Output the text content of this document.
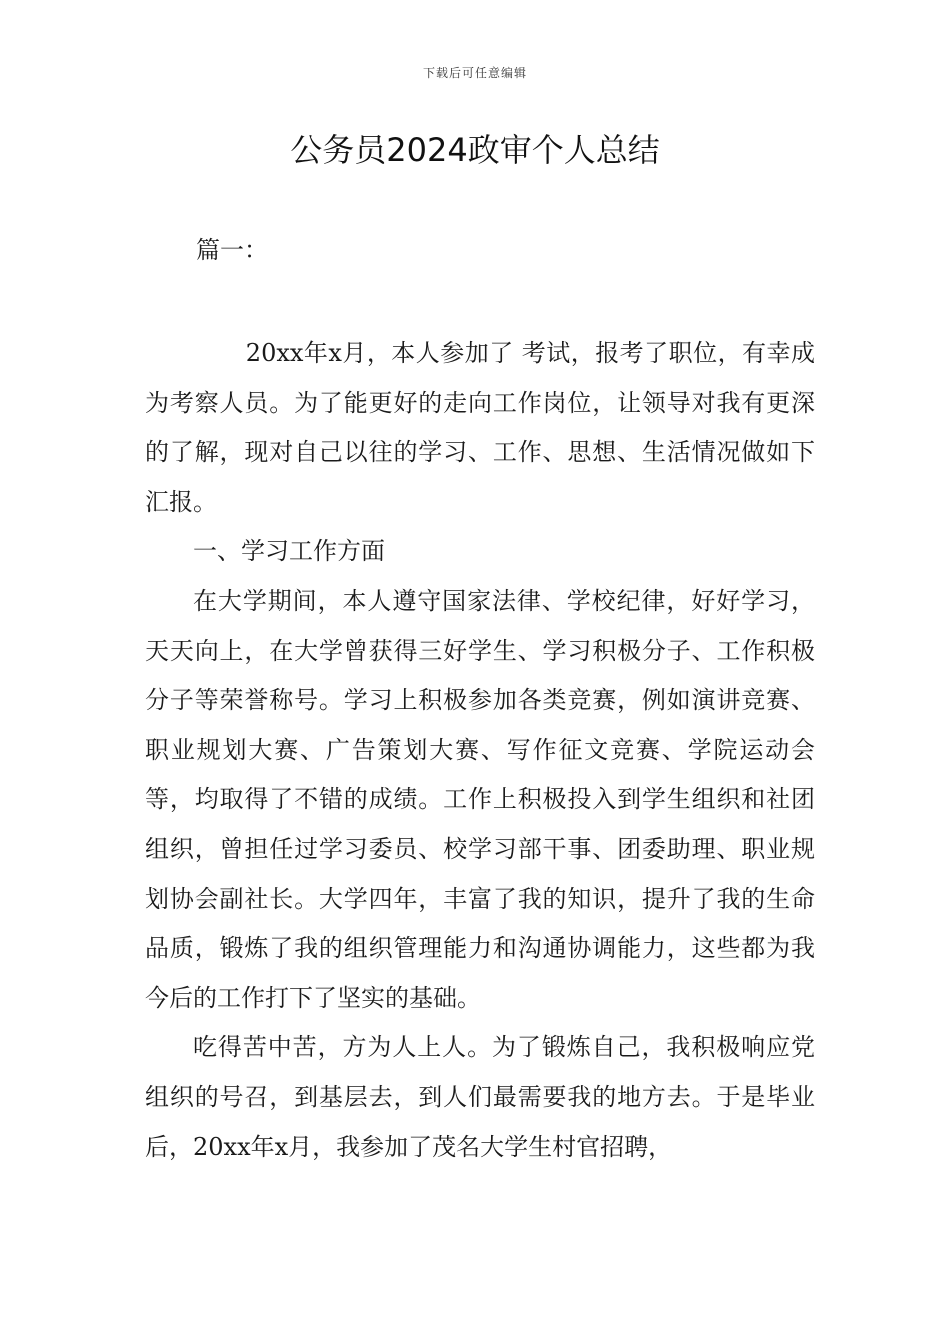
下载后可任意编辑
公务员2024政审个人总结
篇一：

20xx年x月，本人参加了 考试，报考了职位，有幸成为考察人员。为了能更好的走向工作岗位，让领导对我有更深的了解，现对自己以往的学习、工作、思想、生活情况做如下汇报。

一、学习工作方面

在大学期间，本人遵守国家法律、学校纪律，好好学习，天天向上，在大学曾获得三好学生、学习积极分子、工作积极分子等荣誉称号。学习上积极参加各类竞赛，例如演讲竞赛、职业规划大赛、广告策划大赛、写作征文竞赛、学院运动会等，均取得了不错的成绩。工作上积极投入到学生组织和社团组织，曾担任过学习委员、校学习部干事、团委助理、职业规划协会副社长。大学四年，丰富了我的知识，提升了我的生命品质，锻炼了我的组织管理能力和沟通协调能力，这些都为我今后的工作打下了坚实的基础。

吃得苦中苦，方为人上人。为了锻炼自己，我积极响应党组织的号召，到基层去，到人们最需要我的地方去。于是毕业后，20xx年x月，我参加了茂名大学生村官招聘，
